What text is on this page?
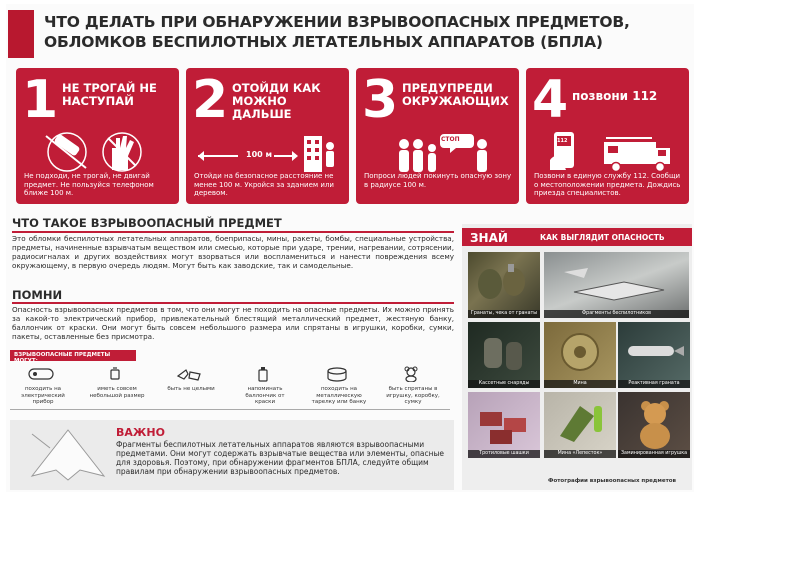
ЧТО ДЕЛАТЬ ПРИ ОБНАРУЖЕНИИ ВЗРЫВООПАСНЫХ ПРЕДМЕТОВ, ОБЛОМКОВ БЕСПИЛОТНЫХ ЛЕТАТЕЛЬНЫХ АППАРАТОВ (БПЛА)
1 НЕ ТРОГАЙ НЕ НАСТУПАЙ
Не подходи, не трогай, не двигай предмет. Не пользуйся телефоном ближе 100 м.
2 ОТОЙДИ КАК МОЖНО ДАЛЬШЕ
100 м
Отойди на безопасное расстояние не менее 100 м. Укройся за зданием или деревом.
3 ПРЕДУПРЕДИ ОКРУЖАЮЩИХ
СТОП
Попроси людей покинуть опасную зону в радиусе 100 м.
4 позвони 112
112
Позвони в единую службу 112. Сообщи о местоположении предмета. Дождись приезда специалистов.
ЧТО ТАКОЕ ВЗРЫВООПАСНЫЙ ПРЕДМЕТ
Это обломки беспилотных летательных аппаратов, боеприпасы, мины, ракеты, бомбы, специальные устройства, предметы, начиненные взрывчатым веществом или смесью, которые при ударе, трении, нагревании, сотрясении, радиосигналах и других воздействиях могут взорваться или воспламениться и нанести повреждения всему окружающему, в первую очередь людям. Могут быть как заводские, так и самодельные.
ПОМНИ
Опасность взрывоопасных предметов в том, что они могут не походить на опасные предметы. Их можно принять за какой-то электрический прибор, привлекательный блестящий металлический предмет, жестяную банку, баллончик от краски. Они могут быть совсем небольшого размера или спрятаны в игрушки, коробки, сумки, пакеты, оставленные без присмотра.
ВЗРЫВООПАСНЫЕ ПРЕДМЕТЫ МОГУТ:
походить на электрический прибор
иметь совсем небольшой размер
быть не целыми	напоминать баллончик от краски
походить на металлическую тарелку или банку
быть спрятаны в игрушку, коробку, сумку
ВАЖНО
Фрагменты беспилотных летательных аппаратов являются взрывоопасными предметами. Они могут содержать взрывчатые вещества или элементы, опасные для здоровья. Поэтому, при обнаружении фрагментов БПЛА, следуйте общим правилам при обнаружении взрывоопасных предметов.
ЗНАЙ	КАК ВЫГЛЯДИТ ОПАСНОСТЬ
Гранаты, чека от гранаты	Фрагменты беспилотников
Кассетные снаряды	Мина	Реактивная граната
Тротиловые шашки	Мина «Лепесток»	Заминированная игрушка
Фотографии взрывоопасных предметов
